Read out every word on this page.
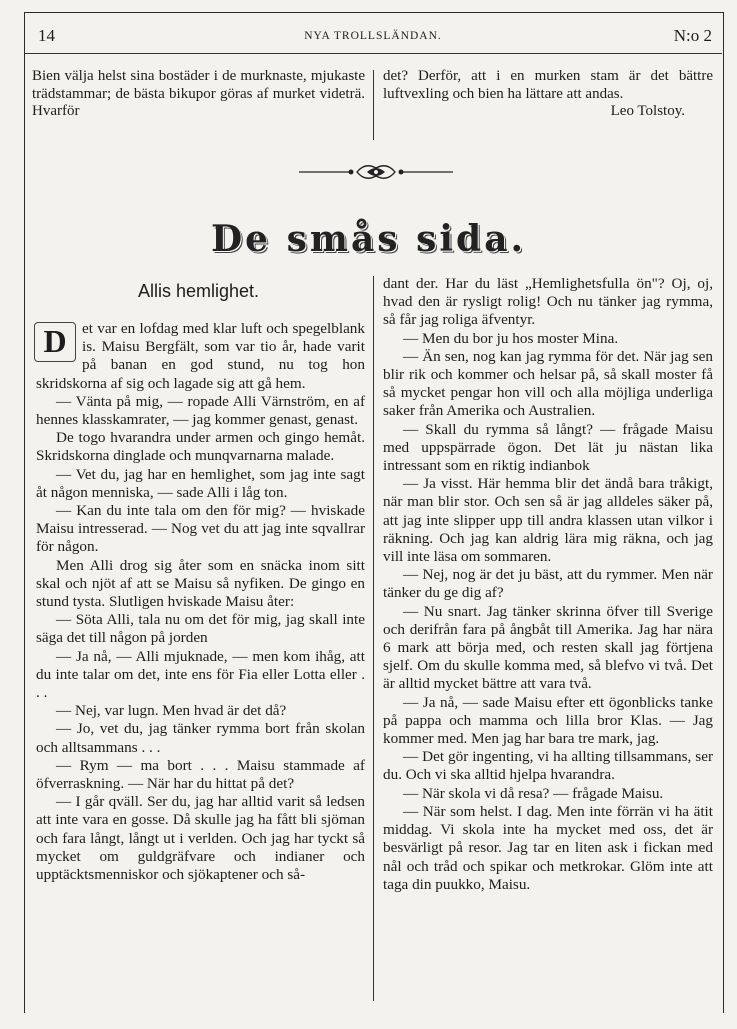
14	NYA TROLLSLÄNDAN.	N:o 2
Bien välja helst sina bostäder i de murknaste, mjukaste trädstammar; de bästa bikupor göras af murket videträ. Hvarför
det? Derför, att i en murken stam är det bättre luftvexling och bien ha lättare att andas.
Leo Tolstoy.
De smås sida.
Allis hemlighet.

D	et var en lofdag med klar luft och spegelblank is. Maisu Bergfält, som var tio år, hade varit på banan en god stund, nu tog hon skridskorna af sig och lagade sig att gå hem.

— Vänta på mig, — ropade Alli Värnström, en af hennes klasskamrater, — jag kommer genast, genast.

De togo hvarandra under armen och gingo hemåt. Skridskorna dinglade och munqvarnarna malade.

— Vet du, jag har en hemlighet, som jag inte sagt åt någon menniska, — sade Alli i låg ton.

— Kan du inte tala om den för mig? — hviskade Maisu intresserad. — Nog vet du att jag inte sqvallrar för någon.

Men Alli drog sig åter som en snäcka inom sitt skal och njöt af att se Maisu så nyfiken. De gingo en stund tysta. Slutligen hviskade Maisu åter:

— Söta Alli, tala nu om det för mig, jag skall inte säga det till någon på jorden

— Ja nå, — Alli mjuknade, — men kom ihåg, att du inte talar om det, inte ens för Fia eller Lotta eller . . .

— Nej, var lugn. Men hvad är det då?

— Jo, vet du, jag tänker rymma bort från skolan och alltsammans . . .

— Rym — ma bort . . . Maisu stammade af öfverraskning. — När har du hittat på det?

— I går qväll. Ser du, jag har alltid varit så ledsen att inte vara en gosse. Då skulle jag ha fått bli sjöman och fara långt, långt ut i verlden. Och jag har tyckt så mycket om guldgräfvare och indianer och upptäcktsmenniskor och sjökaptener och så-

dant der. Har du läst „Hemlighetsfulla ön"? Oj, oj, hvad den är rysligt rolig! Och nu tänker jag rymma, så får jag roliga äfventyr.

— Men du bor ju hos moster Mina.

— Än sen, nog kan jag rymma för det. När jag sen blir rik och kommer och helsar på, så skall moster få så mycket pengar hon vill och alla möjliga underliga saker från Amerika och Australien.

— Skall du rymma så långt? — frågade Maisu med uppspärrade ögon. Det lät ju nästan lika intressant som en riktig indianbok

— Ja visst. Här hemma blir det ändå bara tråkigt, när man blir stor. Och sen så är jag alldeles säker på, att jag inte slipper upp till andra klassen utan vilkor i räkning. Och jag kan aldrig lära mig räkna, och jag vill inte läsa om sommaren.

— Nej, nog är det ju bäst, att du rymmer. Men när tänker du ge dig af?

— Nu snart. Jag tänker skrinna öfver till Sverige och derifrån fara på ångbåt till Amerika. Jag har nära 6 mark att börja med, och resten skall jag förtjena sjelf. Om du skulle komma med, så blefvo vi två. Det är alltid mycket bättre att vara två.

— Ja nå, — sade Maisu efter ett ögonblicks tanke på pappa och mamma och lilla bror Klas. — Jag kommer med. Men jag har bara tre mark, jag.

— Det gör ingenting, vi ha allting tillsammans, ser du. Och vi ska alltid hjelpa hvarandra.

— När skola vi då resa? — frågade Maisu.

— När som helst. I dag. Men inte förrän vi ha ätit middag. Vi skola inte ha mycket med oss, det är besvärligt på resor. Jag tar en liten ask i fickan med nål och tråd och spikar och metkrokar. Glöm inte att taga din puukko, Maisu.
